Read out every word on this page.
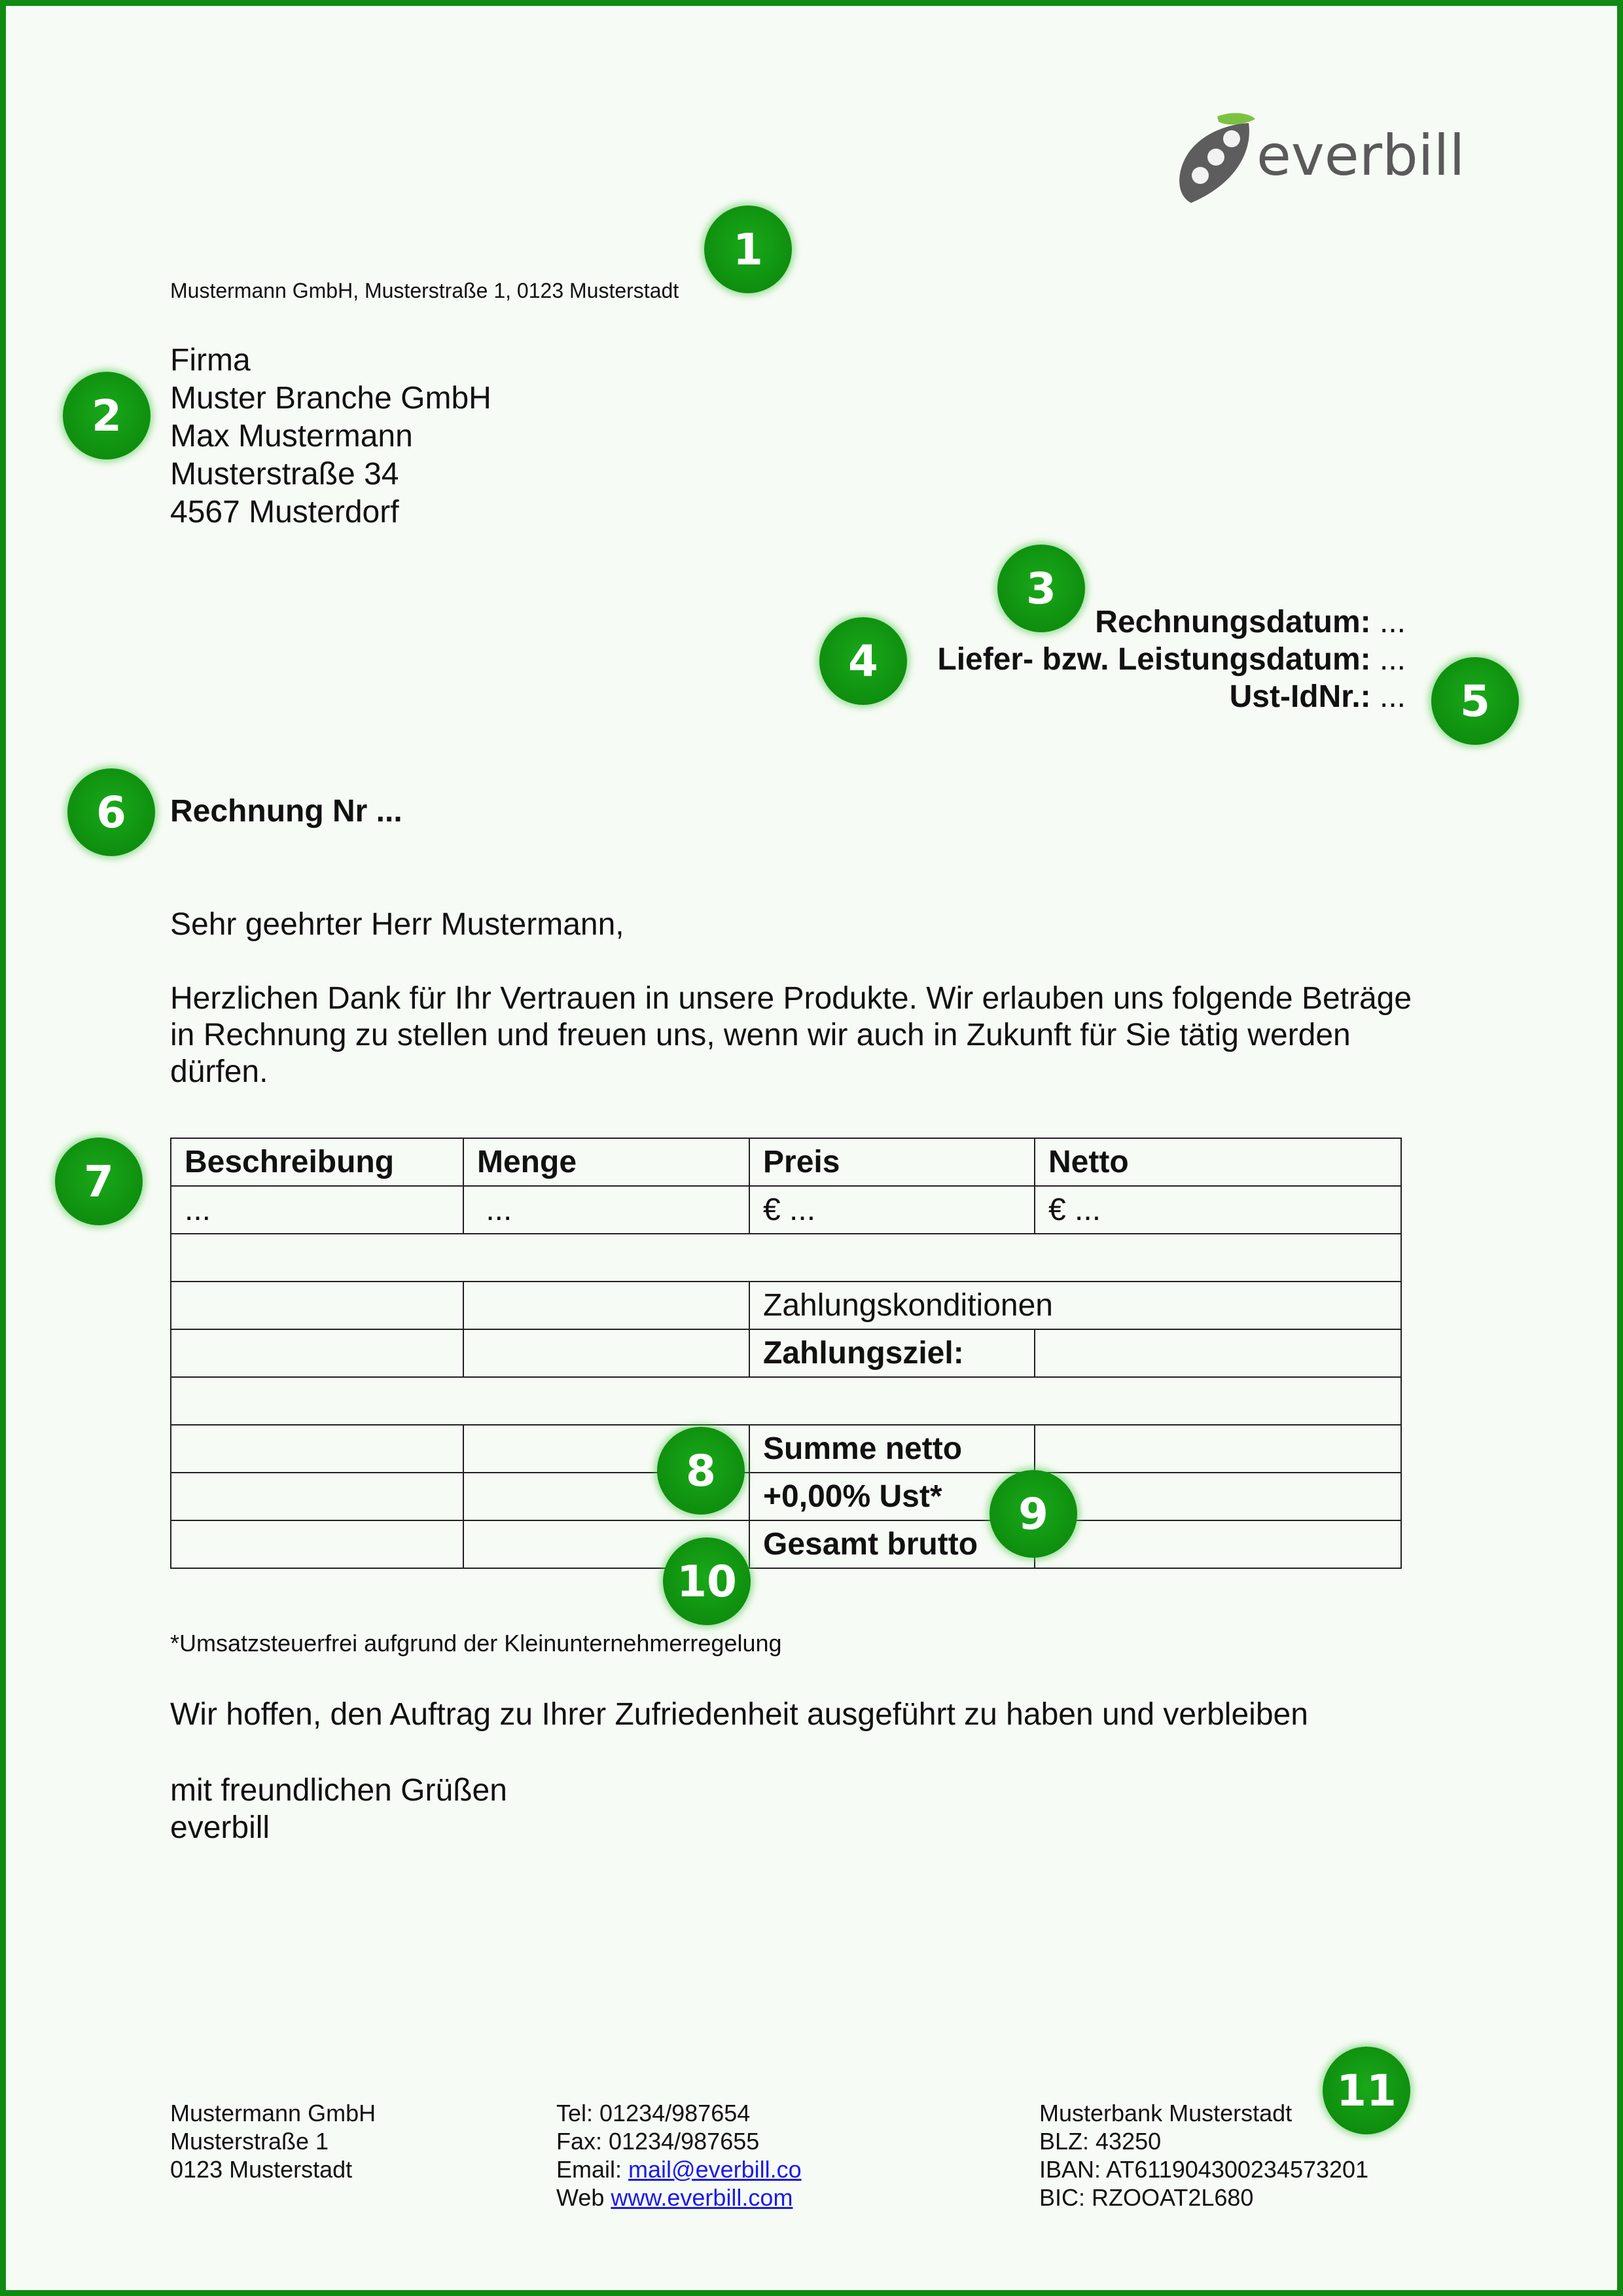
everbill
Mustermann GmbH, Musterstraße 1, 0123 Musterstadt
Firma
Muster Branche GmbH
Max Mustermann
Musterstraße 34
4567 Musterdorf
Rechnungsdatum: ...
Liefer- bzw. Leistungsdatum: ...
Ust-IdNr.: ...
Rechnung Nr ...
Sehr geehrter Herr Mustermann,
Herzlichen Dank für Ihr Vertrauen in unsere Produkte. Wir erlauben uns folgende Beträge in Rechnung zu stellen und freuen uns, wenn wir auch in Zukunft für Sie tätig werden dürfen.
Beschreibung	Menge	Preis	Netto
...	...	€ ...	€ ...

		Zahlungskonditionen	
		Zahlungsziel:	

		Summe netto	
		+0,00% Ust*	
		Gesamt brutto	
*Umsatzsteuerfrei aufgrund der Kleinunternehmerregelung
Wir hoffen, den Auftrag zu Ihrer Zufriedenheit ausgeführt zu haben und verbleiben
mit freundlichen Grüßen
everbill
Mustermann GmbH
Musterstraße 1
0123 Musterstadt
Tel: 01234/987654
Fax: 01234/987655
Email: mail@everbill.co
Web www.everbill.com
Musterbank Musterstadt
BLZ: 43250
IBAN: AT611904300234573201
BIC: RZOOAT2L680
1
2
3
4
5
6
7
8
9
10
11
